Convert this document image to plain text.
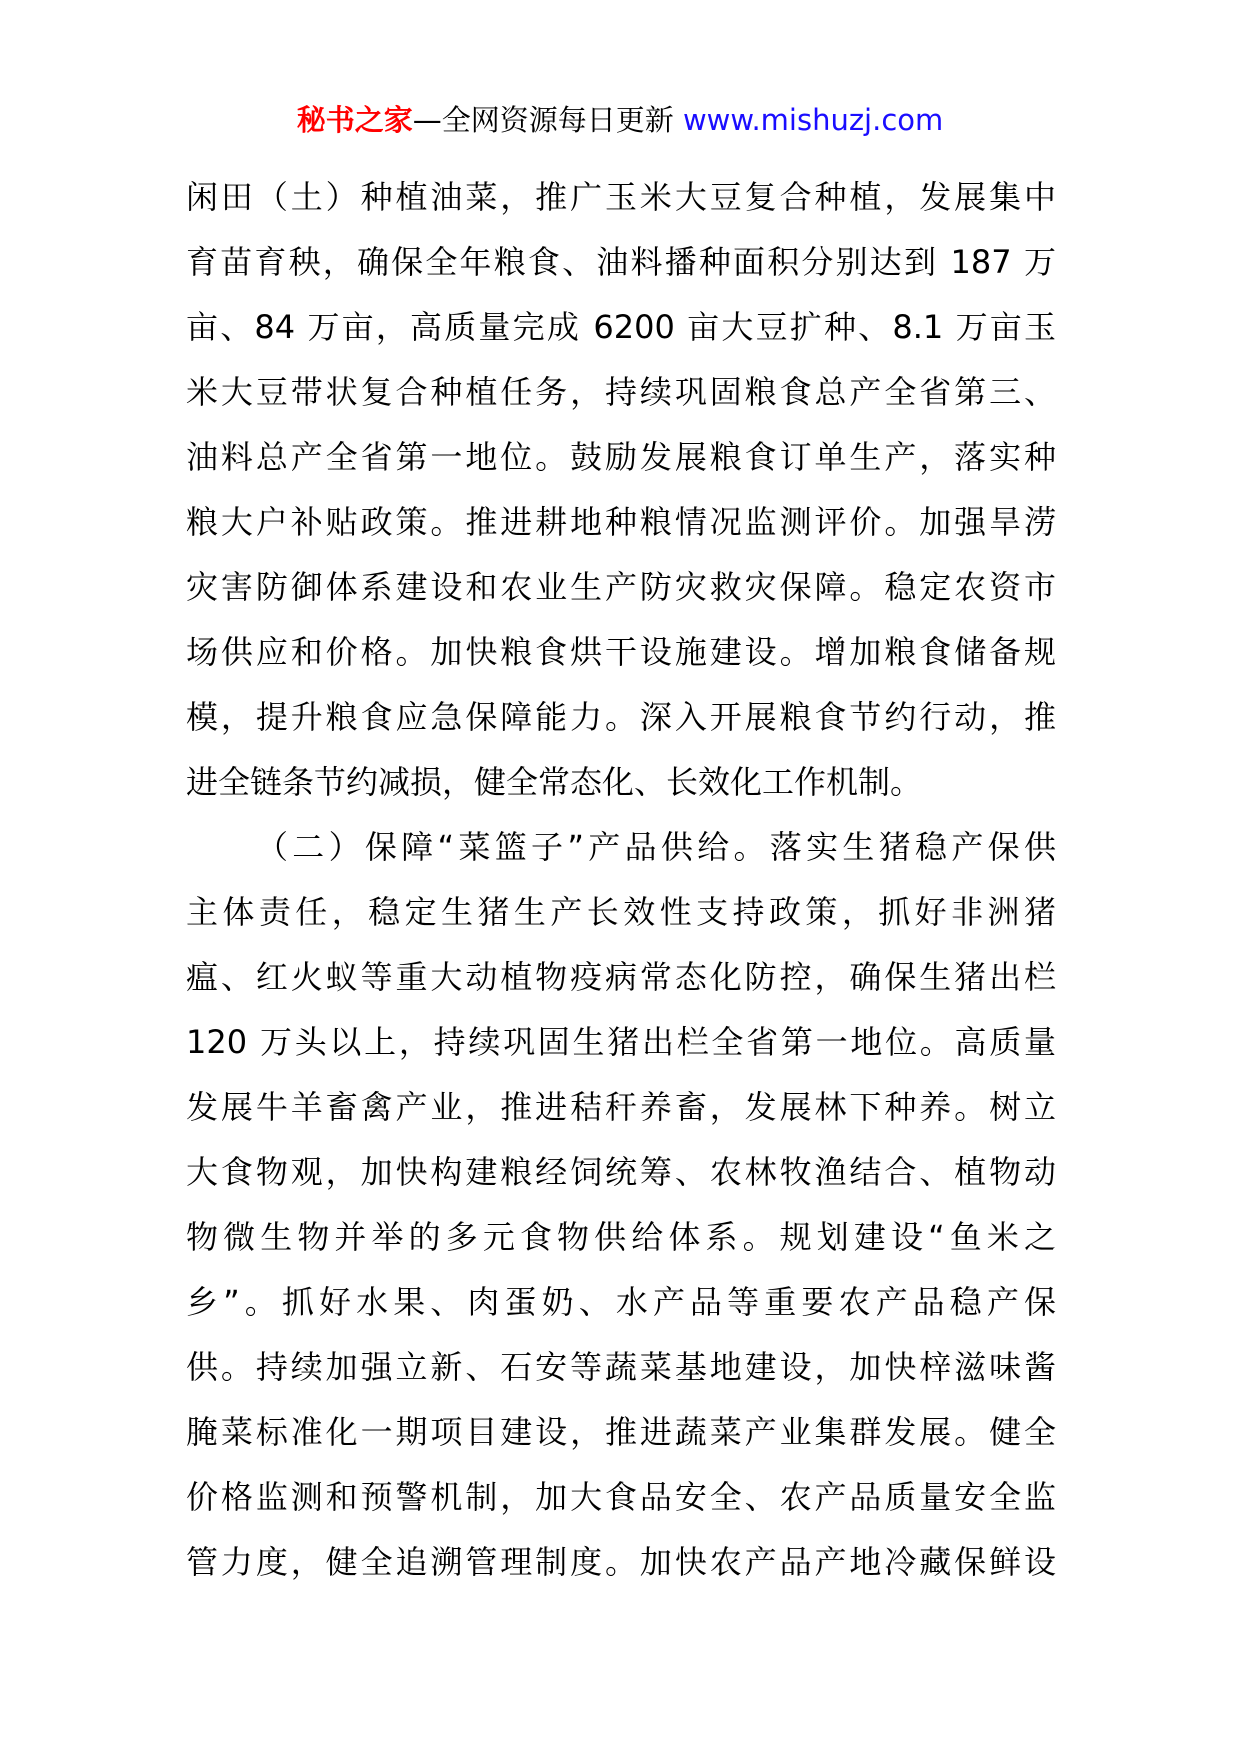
秘书之家—全网资源每日更新 www.mishuzj.com
闲田（土）种植油菜，推广玉米大豆复合种植，发展集中
育苗育秧，确保全年粮食、油料播种面积分别达到 187 万
亩、84 万亩，高质量完成 6200 亩大豆扩种、8.1 万亩玉
米大豆带状复合种植任务，持续巩固粮食总产全省第三、
油料总产全省第一地位。鼓励发展粮食订单生产，落实种
粮大户补贴政策。推进耕地种粮情况监测评价。加强旱涝
灾害防御体系建设和农业生产防灾救灾保障。稳定农资市
场供应和价格。加快粮食烘干设施建设。增加粮食储备规
模，提升粮食应急保障能力。深入开展粮食节约行动，推
进全链条节约减损，健全常态化、长效化工作机制。
（二）保障“菜篮子”产品供给。落实生猪稳产保供
主体责任，稳定生猪生产长效性支持政策，抓好非洲猪
瘟、红火蚁等重大动植物疫病常态化防控，确保生猪出栏
120 万头以上，持续巩固生猪出栏全省第一地位。高质量
发展牛羊畜禽产业，推进秸秆养畜，发展林下种养。树立
大食物观，加快构建粮经饲统筹、农林牧渔结合、植物动
物微生物并举的多元食物供给体系。规划建设“鱼米之
乡”。抓好水果、肉蛋奶、水产品等重要农产品稳产保
供。持续加强立新、石安等蔬菜基地建设，加快梓滋味酱
腌菜标准化一期项目建设，推进蔬菜产业集群发展。健全
价格监测和预警机制，加大食品安全、农产品质量安全监
管力度，健全追溯管理制度。加快农产品产地冷藏保鲜设
